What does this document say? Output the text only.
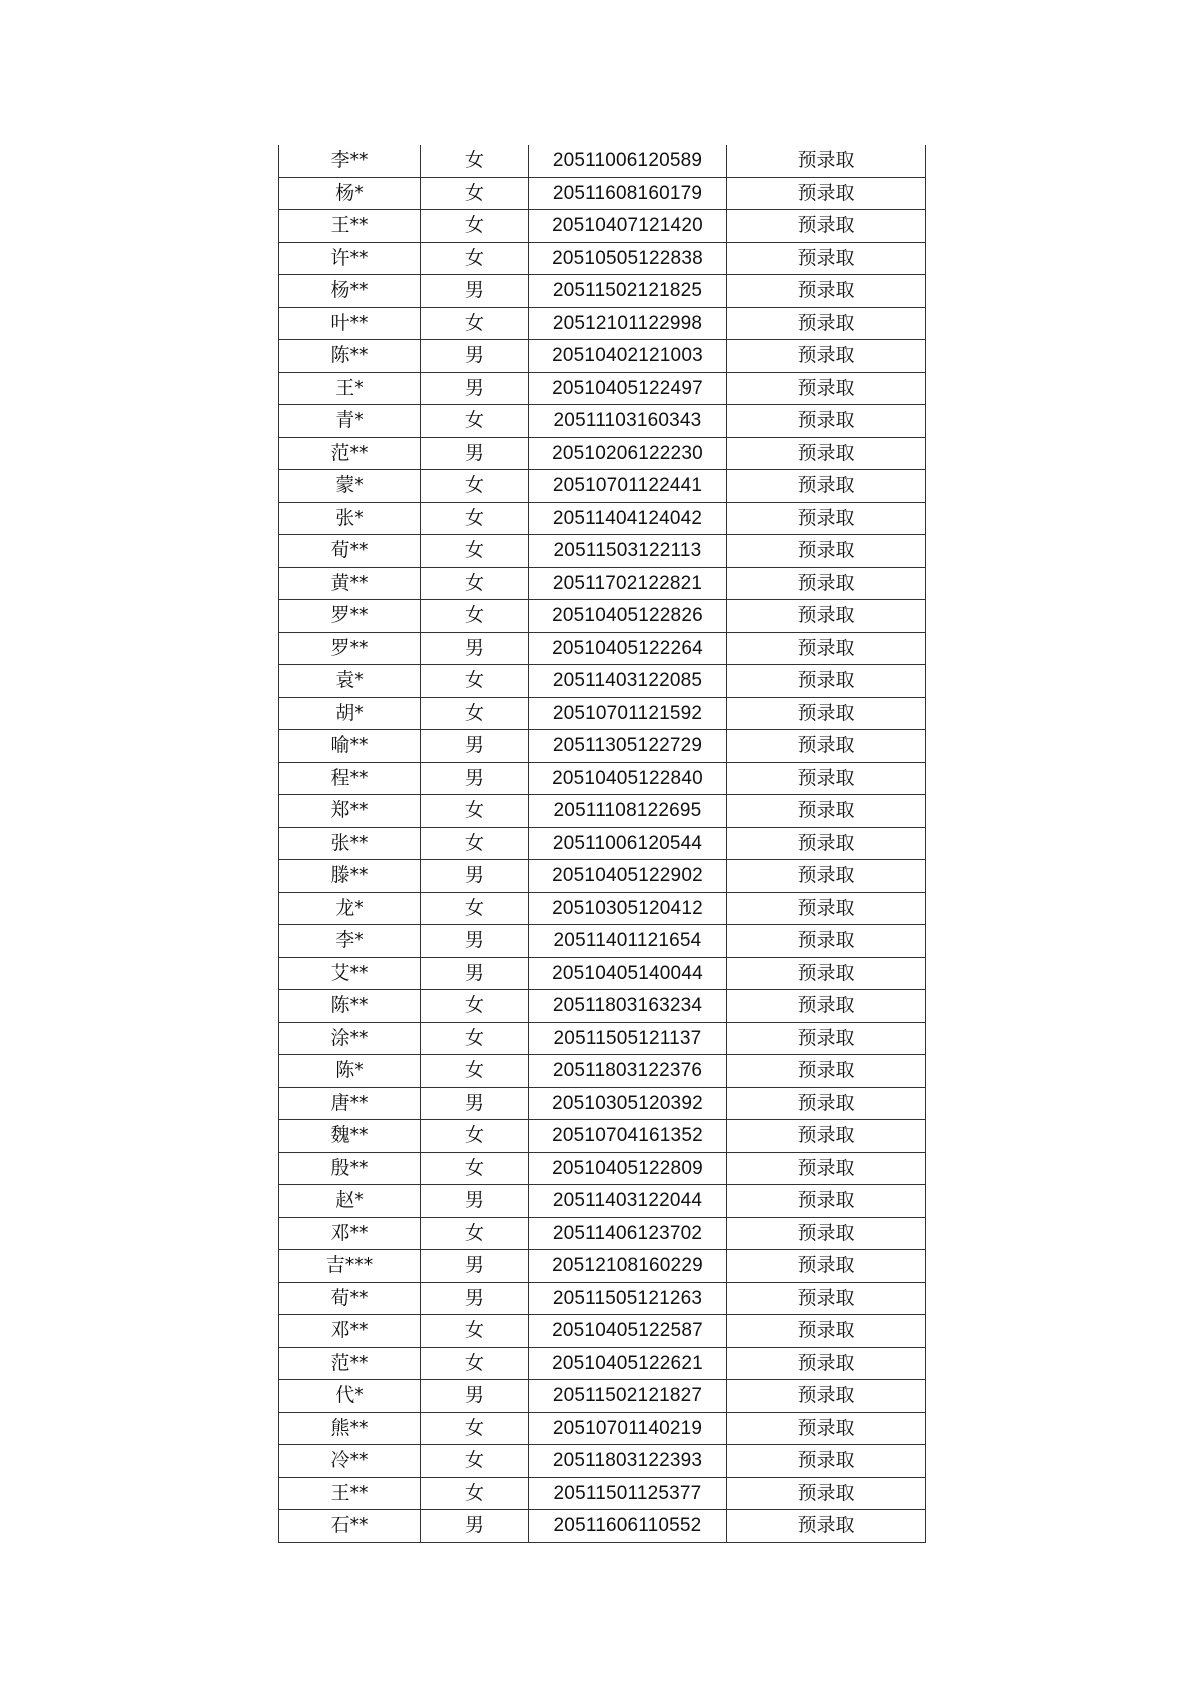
李**	女	20511006120589	预录取
杨*	女	20511608160179	预录取
王**	女	20510407121420	预录取
许**	女	20510505122838	预录取
杨**	男	20511502121825	预录取
叶**	女	20512101122998	预录取
陈**	男	20510402121003	预录取
王*	男	20510405122497	预录取
青*	女	20511103160343	预录取
范**	男	20510206122230	预录取
蒙*	女	20510701122441	预录取
张*	女	20511404124042	预录取
荀**	女	20511503122113	预录取
黄**	女	20511702122821	预录取
罗**	女	20510405122826	预录取
罗**	男	20510405122264	预录取
袁*	女	20511403122085	预录取
胡*	女	20510701121592	预录取
喻**	男	20511305122729	预录取
程**	男	20510405122840	预录取
郑**	女	20511108122695	预录取
张**	女	20511006120544	预录取
滕**	男	20510405122902	预录取
龙*	女	20510305120412	预录取
李*	男	20511401121654	预录取
艾**	男	20510405140044	预录取
陈**	女	20511803163234	预录取
涂**	女	20511505121137	预录取
陈*	女	20511803122376	预录取
唐**	男	20510305120392	预录取
魏**	女	20510704161352	预录取
殷**	女	20510405122809	预录取
赵*	男	20511403122044	预录取
邓**	女	20511406123702	预录取
吉***	男	20512108160229	预录取
荀**	男	20511505121263	预录取
邓**	女	20510405122587	预录取
范**	女	20510405122621	预录取
代*	男	20511502121827	预录取
熊**	女	20510701140219	预录取
冷**	女	20511803122393	预录取
王**	女	20511501125377	预录取
石**	男	20511606110552	预录取
